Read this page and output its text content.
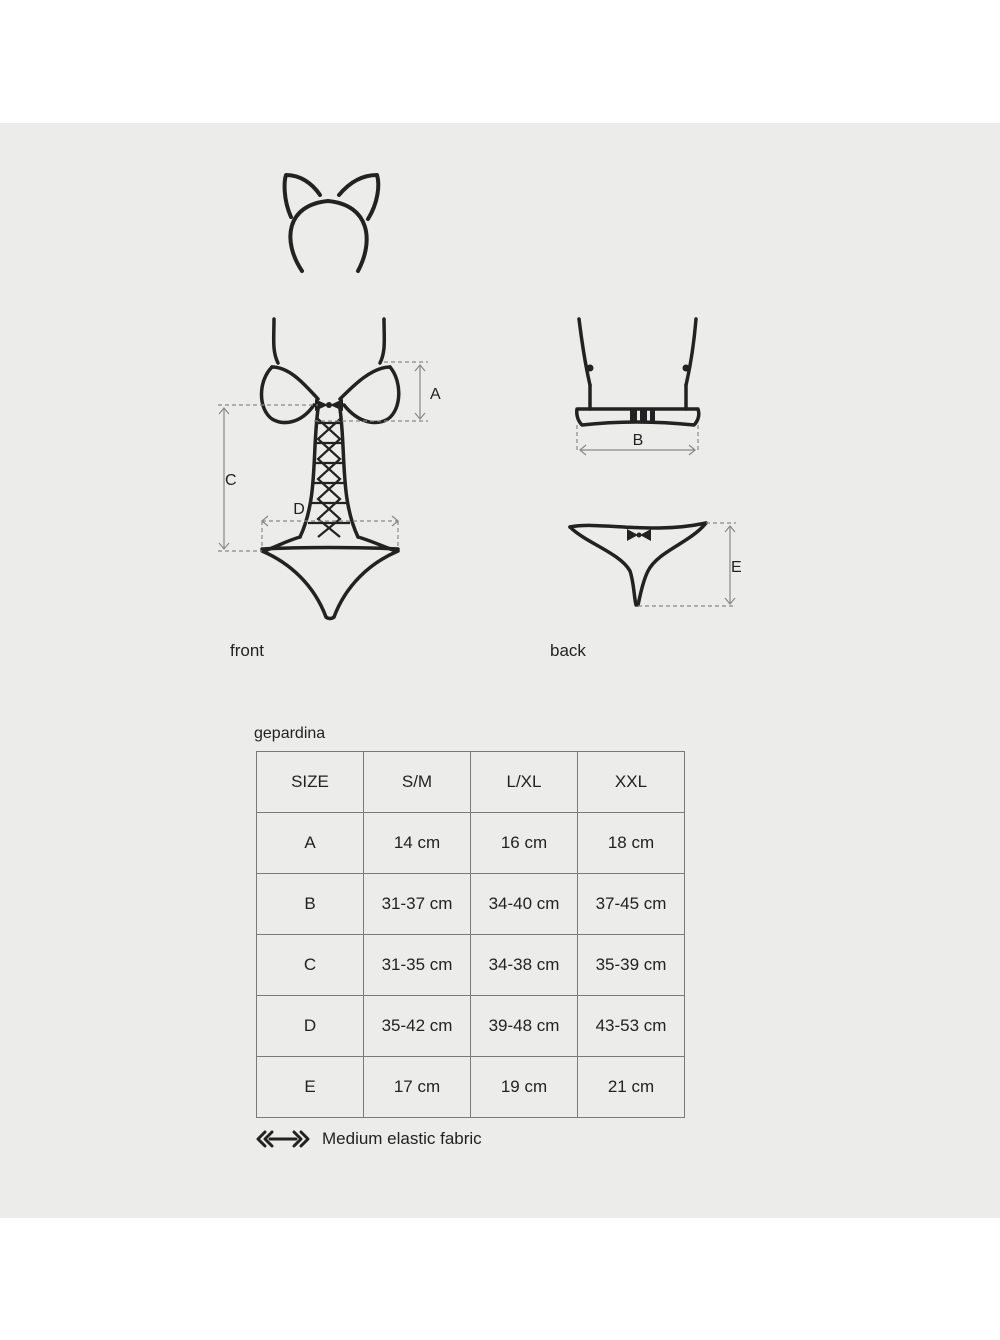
A
C
D
B
E
front	back
gepardina
SIZE	S/M	L/XL	XXL
A	14 cm	16 cm	18 cm
B	31-37 cm	34-40 cm	37-45 cm
C	31-35 cm	34-38 cm	35-39 cm
D	35-42 cm	39-48 cm	43-53 cm
E	17 cm	19 cm	21 cm
Medium elastic fabric
